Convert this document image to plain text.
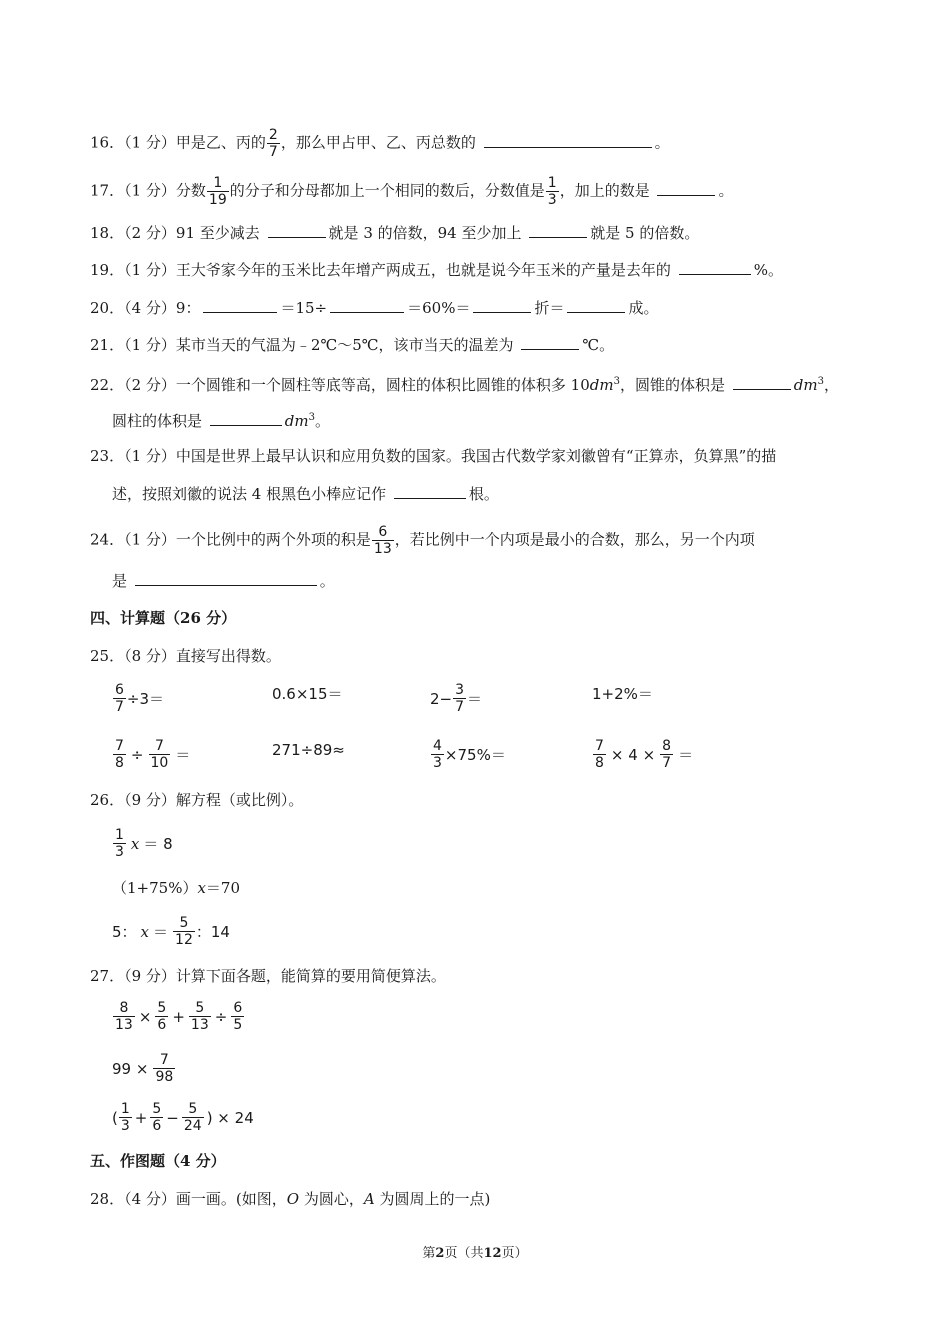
16．（1 分）甲是乙、丙的 $\frac{2}{7}$ ，那么甲占甲、乙、丙总数的	。
17．（1 分）分数 $\frac{1}{19}$ 的分子和分母都加上一个相同的数后，分数值是 $\frac{1}{3}$ ，加上的数是	。
18．（2 分）91 至少减去	就是 3 的倍数，94 至少加上	就是 5 的倍数。
19．（1 分）王大爷家今年的玉米比去年增产两成五，也就是说今年玉米的产量是去年的	%。
20．（4 分）9：	＝15÷	＝60%＝	折＝	成。
21．（1 分）某市当天的气温为﹣2℃～5℃，该市当天的温差为	℃。
22．（2 分）一个圆锥和一个圆柱等底等高，圆柱的体积比圆锥的体积多 $10dm^3$，圆锥的体积是	$dm^3$，
圆柱的体积是	$dm^3$。
23．（1 分）中国是世界上最早认识和应用负数的国家。我国古代数学家刘徽曾有“正算赤，负算黑”的描
述，按照刘徽的说法 4 根黑色小棒应记作	根。
24．（1 分）一个比例中的两个外项的积是 $\frac{6}{13}$ ，若比例中一个内项是最小的合数，那么，另一个内项
是	。
四、计算题（26 分）
25．（8 分）直接写出得数。
$\frac{6}{7} \div 3=$	0.6×15＝	$2- \frac{3}{7}$ ＝	1+2%＝
$\frac{7}{8} \div \frac{7}{10}$ ＝	271÷89≈	$\frac{4}{3} \times 75\%=$	$\frac{7}{8} \times 4 \times \frac{8}{7}$ ＝
26．（9 分）解方程（或比例）。
$\frac{1}{3}$ x ＝ 8
（1+75%）x＝70
5： $x = \frac{5}{12}$ ：14
27．（9 分）计算下面各题，能简算的要用简便算法。
$\frac{8}{13} \times \frac{5}{6} + \frac{5}{13} \div \frac{6}{5}$
$99 \times \frac{7}{98}$
( $\frac{1}{3} + \frac{5}{6} - \frac{5}{24}$ ) × 24
五、作图题（4 分）
28．（4 分）画一画。(如图，O 为圆心，A 为圆周上的一点)
第2页（共12页）
